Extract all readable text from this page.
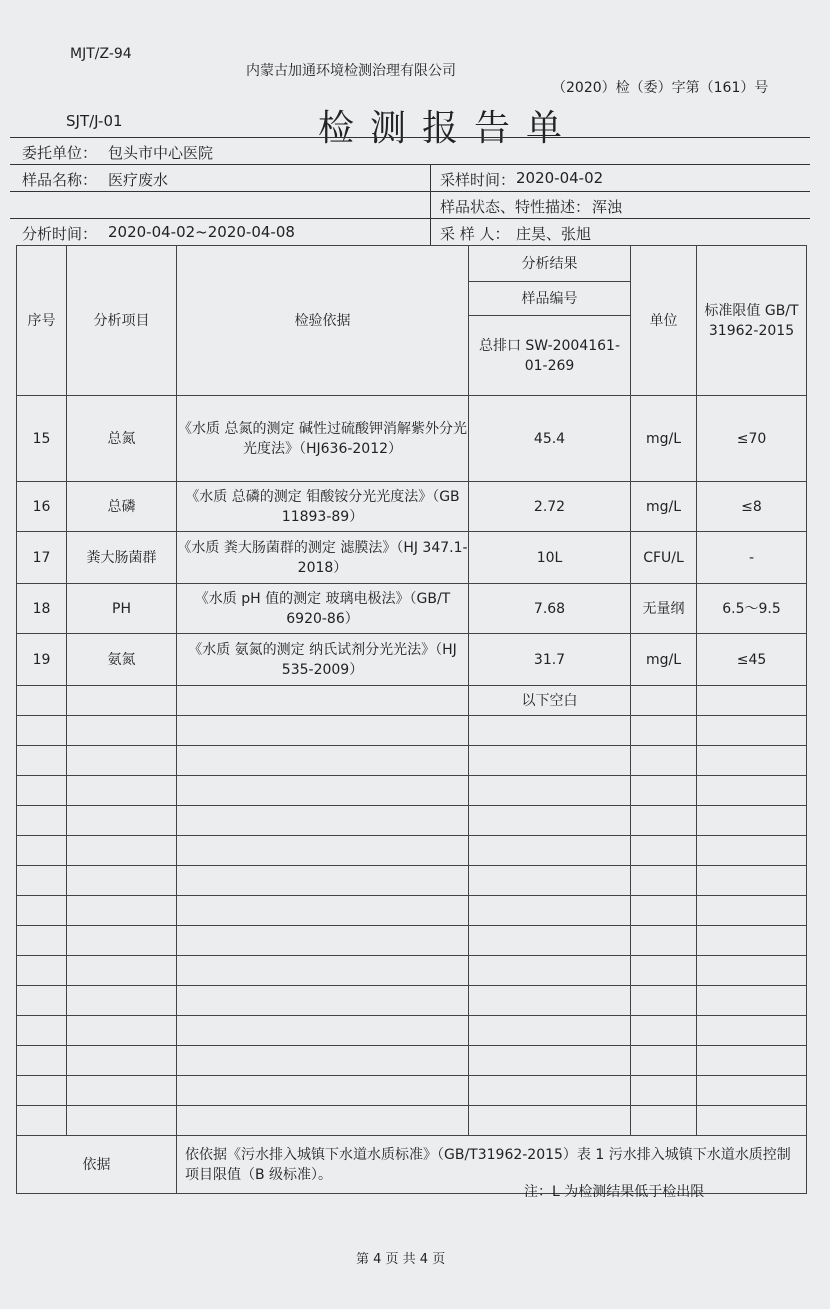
MJT/Z-94
内蒙古加通环境检测治理有限公司
（2020）检（委）字第（161）号
SJT/J-01	检测报告单
委托单位： 包头市中心医院
样品名称： 医疗废水	采样时间： 2020-04-02
样品状态、特性描述： 浑浊
分析时间： 2020-04-02~2020-04-08	采 样 人： 庄昊、张旭
序号	分析项目	检验依据	分析结果	单位	标准限值 GB/T 31962-2015
			样品编号		
			总排口 SW-2004161-01-269		
15	总氮	《水质 总氮的测定 碱性过硫酸钾消解紫外分光光度法》（HJ636-2012）	45.4	mg/L	≤70
16	总磷	《水质 总磷的测定 钼酸铵分光光度法》（GB 11893-89）	2.72	mg/L	≤8
17	粪大肠菌群	《水质 粪大肠菌群的测定 滤膜法》（HJ 347.1-2018）	10L	CFU/L	-
18	PH	《水质 pH 值的测定 玻璃电极法》（GB/T 6920-86）	7.68	无量纲	6.5～9.5
19	氨氮	《水质 氨氮的测定 纳氏试剂分光光法》（HJ 535-2009）	31.7	mg/L	≤45
			以下空白		

依据		依依据《污水排入城镇下水道水质标准》（GB/T31962-2015）表 1 污水排入城镇下水道水质控制项目限值（B 级标准）。			
注：L 为检测结果低于检出限
第 4 页 共 4 页
